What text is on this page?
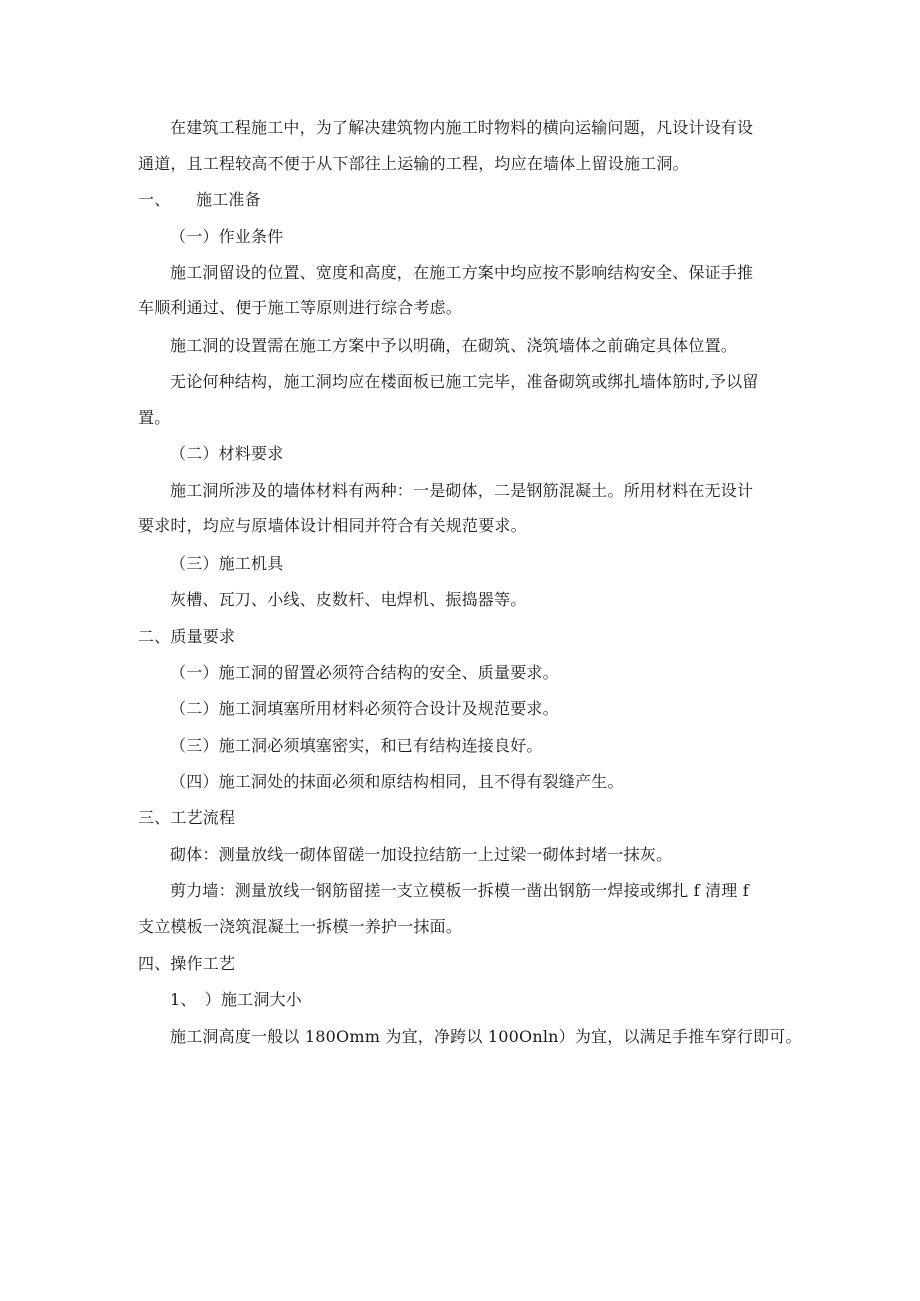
在建筑工程施工中，为了解决建筑物内施工时物料的横向运输问题，凡设计设有设
通道，且工程较高不便于从下部往上运输的工程，均应在墙体上留设施工洞。
一、 施工准备
（一）作业条件
施工洞留设的位置、宽度和高度，在施工方案中均应按不影响结构安全、保证手推
车顺利通过、便于施工等原则进行综合考虑。
施工洞的设置需在施工方案中予以明确，在砌筑、浇筑墙体之前确定具体位置。
无论何种结构，施工洞均应在楼面板已施工完毕，准备砌筑或绑扎墙体筋时,予以留
置。
（二）材料要求
施工洞所涉及的墙体材料有两种：一是砌体，二是钢筋混凝土。所用材料在无设计
要求时，均应与原墙体设计相同并符合有关规范要求。
（三）施工机具
灰槽、瓦刀、小线、皮数杆、电焊机、振捣器等。
二、质量要求
（一）施工洞的留置必须符合结构的安全、质量要求。
（二）施工洞填塞所用材料必须符合设计及规范要求。
（三）施工洞必须填塞密实，和已有结构连接良好。
（四）施工洞处的抹面必须和原结构相同，且不得有裂缝产生。
三、工艺流程
砌体：测量放线一砌体留磋一加设拉结筋一上过梁一砌体封堵一抹灰。
剪力墙：测量放线一钢筋留搓一支立模板一拆模一凿出钢筋一焊接或绑扎 f 清理 f
支立模板一浇筑混凝土一拆模一养护一抹面。
四、操作工艺
1、　）施工洞大小
施工洞高度一般以 180Omm 为宜，净跨以 100Onln）为宜，以满足手推车穿行即可。
